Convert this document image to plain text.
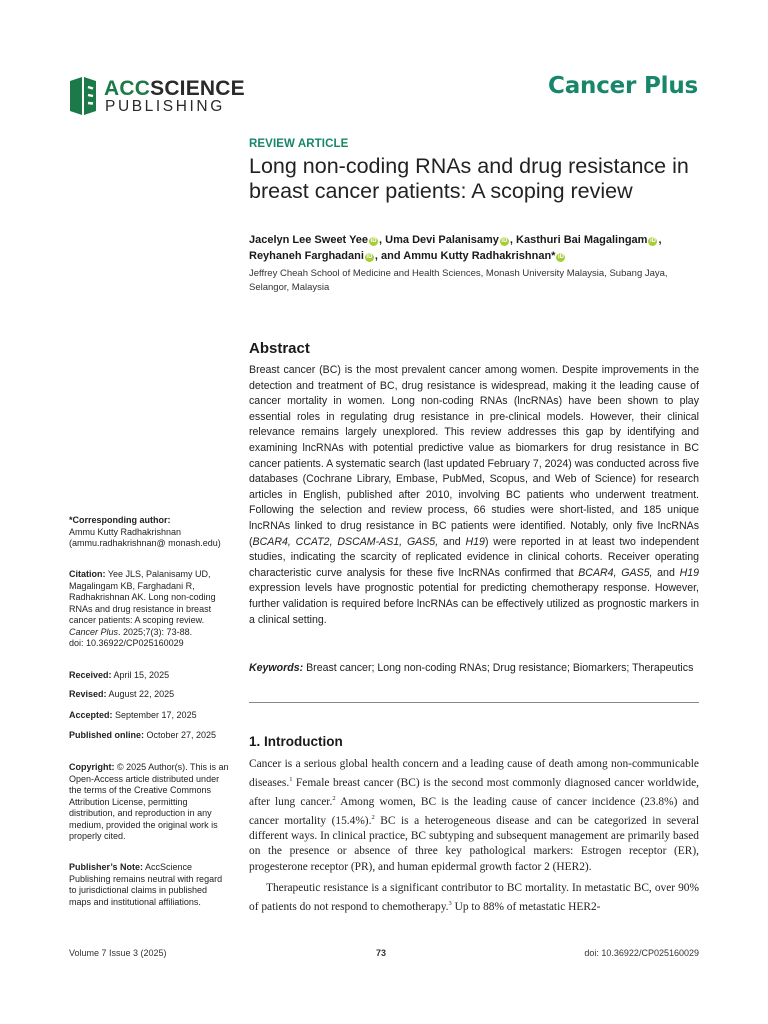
ACCSCIENCE
PUBLISHING
Cancer Plus
REVIEW ARTICLE
Long non-coding RNAs and drug resistance in breast cancer patients: A scoping review
Jacelyn Lee Sweet Yee iD , Uma Devi Palanisamy iD , Kasthuri Bai Magalingam iD ,
Reyhaneh Farghadani iD , and Ammu Kutty Radhakrishnan* iD
Jeffrey Cheah School of Medicine and Health Sciences, Monash University Malaysia, Subang Jaya, Selangor, Malaysia
Abstract
Breast cancer (BC) is the most prevalent cancer among women. Despite improvements in the detection and treatment of BC, drug resistance is widespread, making it the leading cause of cancer mortality in women. Long non-coding RNAs (lncRNAs) have been shown to play essential roles in regulating drug resistance in pre-clinical models. However, their clinical relevance remains largely unexplored. This review addresses this gap by identifying and examining lncRNAs with potential predictive value as biomarkers for drug resistance in BC cancer patients. A systematic search (last updated February 7, 2024) was conducted across five databases (Cochrane Library, Embase, PubMed, Scopus, and Web of Science) for research articles in English, published after 2010, involving BC patients who underwent treatment. Following the selection and review process, 66 studies were short-listed, and 185 unique lncRNAs linked to drug resistance in BC patients were identified. Notably, only five lncRNAs (BCAR4, CCAT2, DSCAM-AS1, GAS5, and H19) were reported in at least two independent studies, indicating the scarcity of replicated evidence in clinical cohorts. Receiver operating characteristic curve analysis for these five lncRNAs confirmed that BCAR4, GAS5, and H19 expression levels have prognostic potential for predicting chemotherapy response. However, further validation is required before lncRNAs can be effectively utilized as prognostic markers in a clinical setting.
Keywords: Breast cancer; Long non-coding RNAs; Drug resistance; Biomarkers; Therapeutics
1. Introduction

Cancer is a serious global health concern and a leading cause of death among non-communicable diseases.$^1$ Female breast cancer (BC) is the second most commonly diagnosed cancer worldwide, after lung cancer.$^2$ Among women, BC is the leading cause of cancer incidence (23.8%) and cancer mortality (15.4%).$^2$ BC is a heterogeneous disease and can be categorized in several different ways. In clinical practice, BC subtyping and subsequent management are primarily based on the presence or absence of three key pathological markers: Estrogen receptor (ER), progesterone receptor (PR), and human epidermal growth factor 2 (HER2).

Therapeutic resistance is a significant contributor to BC mortality. In metastatic BC, over 90% of patients do not respond to chemotherapy.$^3$ Up to 88% of metastatic HER2-

*Corresponding author:
Ammu Kutty Radhakrishnan (ammu.radhakrishnan@ monash.edu)
Citation: Yee JLS, Palanisamy UD, Magalingam KB, Farghadani R, Radhakrishnan AK. Long non-coding RNAs and drug resistance in breast cancer patients: A scoping review. Cancer Plus. 2025;7(3): 73-88.
doi: 10.36922/CP025160029
Received: April 15, 2025
Revised: August 22, 2025
Accepted: September 17, 2025
Published online: October 27, 2025
Copyright: © 2025 Author(s). This is an Open-Access article distributed under the terms of the Creative Commons Attribution License, permitting distribution, and reproduction in any medium, provided the original work is properly cited.
Publisher’s Note: AccScience Publishing remains neutral with regard to jurisdictional claims in published maps and institutional affiliations.
Volume 7 Issue 3 (2025)	73	doi: 10.36922/CP025160029
